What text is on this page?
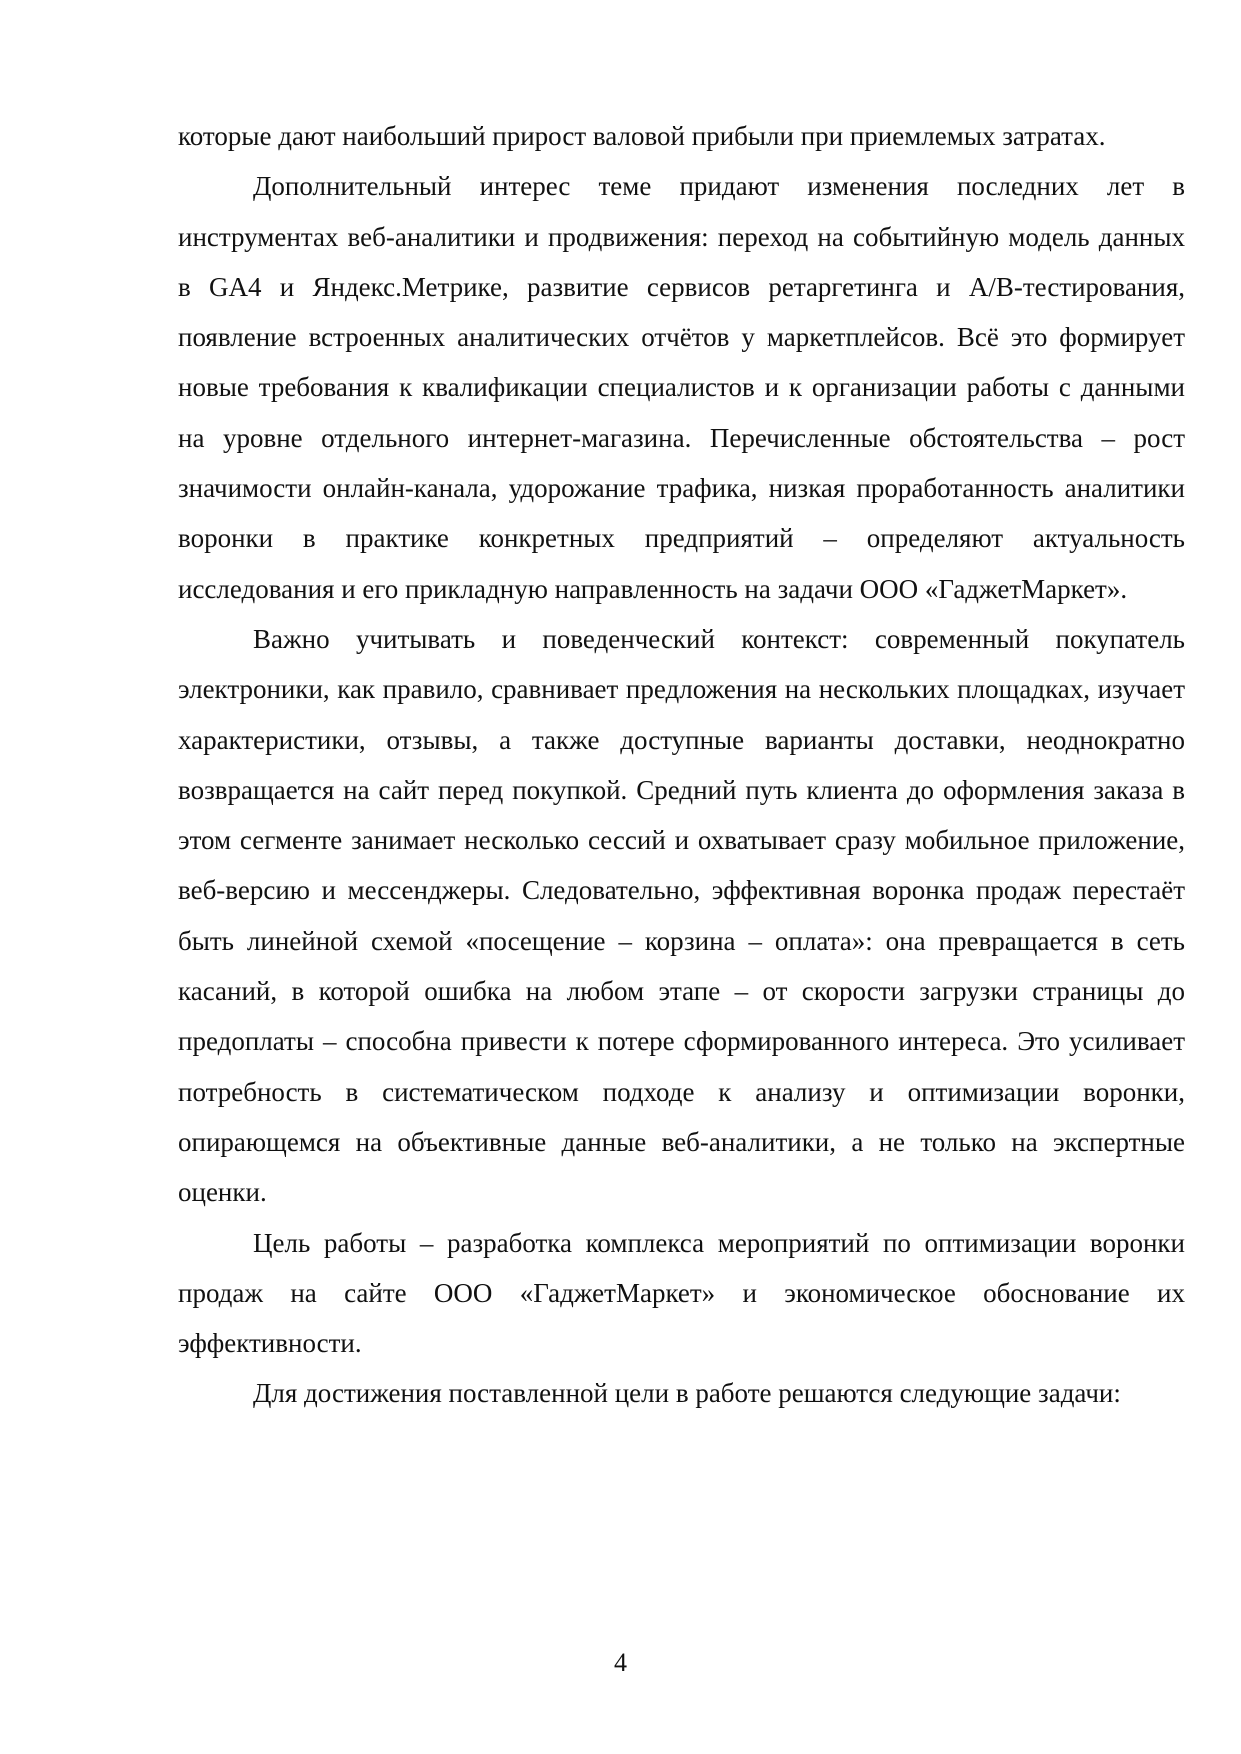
которые дают наибольший прирост валовой прибыли при приемлемых затратах.

Дополнительный интерес теме придают изменения последних лет в инструментах веб-аналитики и продвижения: переход на событийную модель данных в GA4 и Яндекс.Метрике, развитие сервисов ретаргетинга и A/B-тестирования, появление встроенных аналитических отчётов у маркетплейсов. Всё это формирует новые требования к квалификации специалистов и к организации работы с данными на уровне отдельного интернет-магазина. Перечисленные обстоятельства – рост значимости онлайн-канала, удорожание трафика, низкая проработанность аналитики воронки в практике конкретных предприятий – определяют актуальность исследования и его прикладную направленность на задачи ООО «ГаджетМаркет».

Важно учитывать и поведенческий контекст: современный покупатель электроники, как правило, сравнивает предложения на нескольких площадках, изучает характеристики, отзывы, а также доступные варианты доставки, неоднократно возвращается на сайт перед покупкой. Средний путь клиента до оформления заказа в этом сегменте занимает несколько сессий и охватывает сразу мобильное приложение, веб-версию и мессенджеры. Следовательно, эффективная воронка продаж перестаёт быть линейной схемой «посещение – корзина – оплата»: она превращается в сеть касаний, в которой ошибка на любом этапе – от скорости загрузки страницы до предоплаты – способна привести к потере сформированного интереса. Это усиливает потребность в систематическом подходе к анализу и оптимизации воронки, опирающемся на объективные данные веб-аналитики, а не только на экспертные оценки.

Цель работы – разработка комплекса мероприятий по оптимизации воронки продаж на сайте ООО «ГаджетМаркет» и экономическое обоснование их эффективности.

Для достижения поставленной цели в работе решаются следующие задачи:

4
